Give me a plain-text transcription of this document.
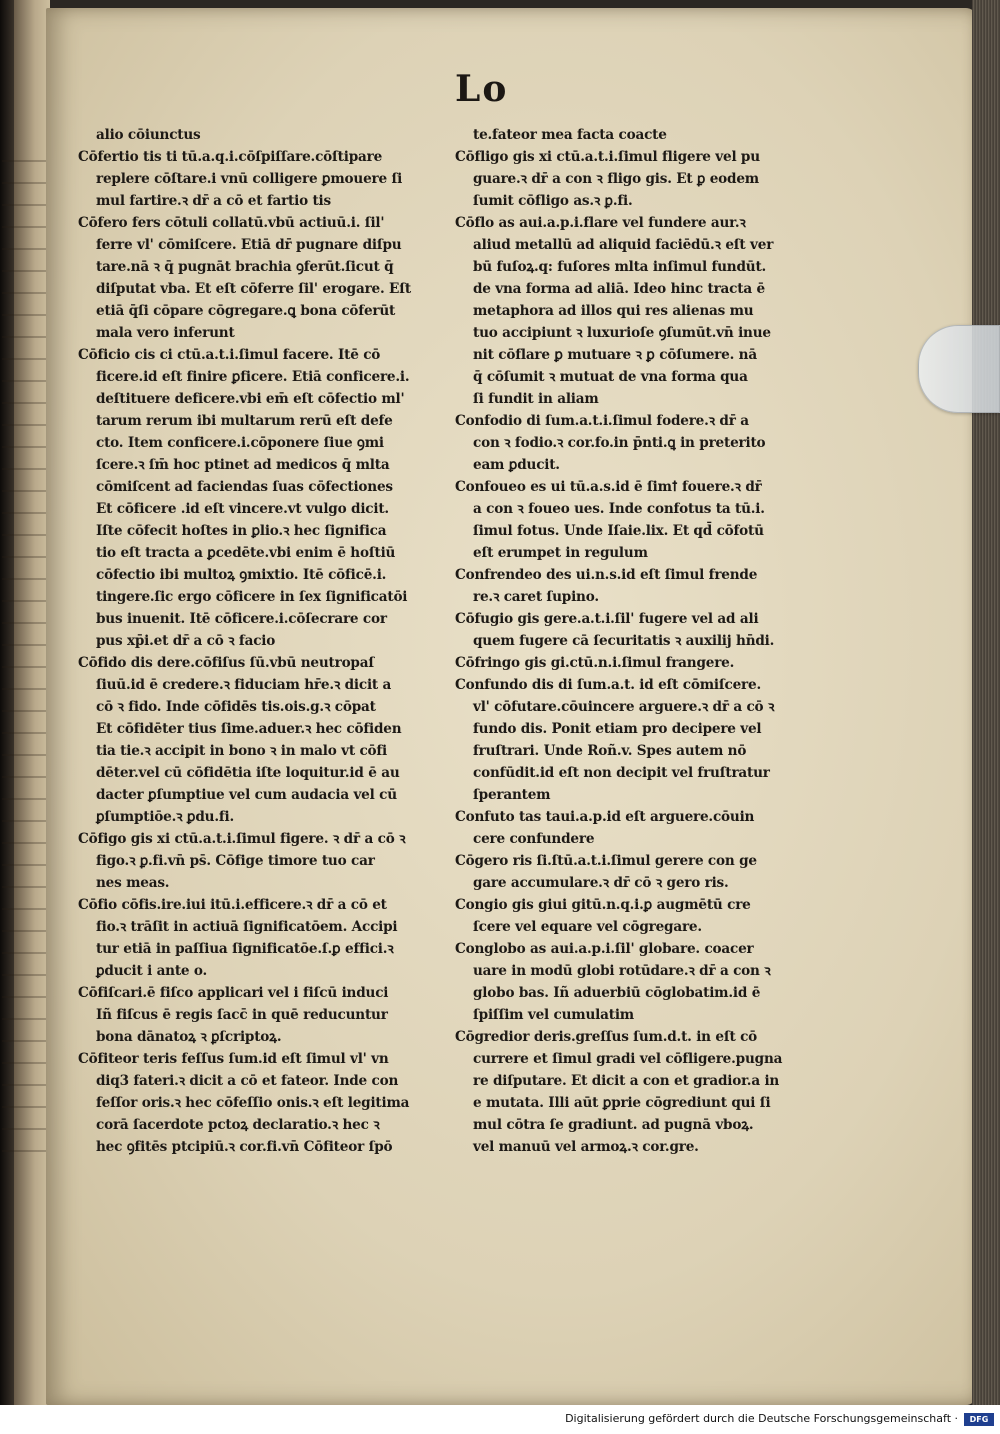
Lo
alio cōiunctus
Cōfertio tis ti tū.a.q.i.cōſpiſſare.cōſtipare
replere cōſtare.i vnū colligere ꝑmouere ſi
mul fartire.ꝛ dr̄ a cō et fartio tis
Cōfero fers cōtuli collatū.vbū actiuū.i. ſil'
ferre vl' cōmiſcere. Etiā dr̄ pugnare diſpu
tare.nā ꝛ q̄ pugnāt brachia ꝯferūt.ſicut q̄
diſputat vba. Et eſt cōferre ſil' erogare. Eſt
etiā q̄ſi cōpare cōgregare.ꝗ bona cōferūt
mala vero inferunt
Cōficio cis ci ctū.a.t.i.ſimul facere. Itē cō
ficere.id eſt finire ꝑficere. Etiā conficere.i.
deſtituere deficere.vbi em̄ eſt cōfectio ml'
tarum rerum ibi multarum rerū eſt defe
cto. Item conficere.i.cōponere ſiue ꝯmi
ſcere.ꝛ ſm̄ hoc ptinet ad medicos q̄ mlta
cōmiſcent ad faciendas ſuas cōfectiones
Et cōficere .id eſt vincere.vt vulgo dicit.
Iſte cōfecit hoſtes in ꝑlio.ꝛ hec ſignifica
tio eſt tracta a ꝑcedēte.vbi enim ē hoſtiū
cōfectio ibi multoꝝ ꝯmixtio. Itē cōficē.i.
tingere.ſic ergo cōficere in ſex ſignificatōi
bus inuenit. Itē cōficere.i.cōſecrare cor
pus xp̄i.et dr̄ a cō ꝛ facio
Cōfido dis dere.cōfiſus ſū.vbū neutropaſ
ſiuū.id ē credere.ꝛ fiduciam hr̄e.ꝛ dicit a
cō ꝛ fido. Inde cōfidēs tis.ois.g.ꝛ cōpat
Et cōfidēter tius ſime.aduer.ꝛ hec cōfiden
tia tie.ꝛ accipit in bono ꝛ in malo vt cōfi
dēter.vel cū cōfidētia iſte loquitur.id ē au
dacter ꝑſumptiue vel cum audacia vel cū
ꝑſumptiōe.ꝛ ꝑdu.fi.
Cōfigo gis xi ctū.a.t.i.ſimul figere. ꝛ dr̄ a cō ꝛ
figo.ꝛ ꝑ.fi.vn̄ ps̄. Cōfige timore tuo car
nes meas.
Cōfio cōfis.ire.iui itū.i.efficere.ꝛ dr̄ a cō et
fio.ꝛ trāſit in actiuā ſignificatōem. Accipi
tur etiā in paſſiua ſignificatōe.ſ.ꝑ effici.ꝛ
ꝑducit i ante o.
Cōfiſcari.ē fiſco applicari vel i fiſcū induci
Iñ fiſcus ē regis ſacc̄ in quē reducuntur
bona dānatoꝝ ꝛ ꝑſcriptoꝝ.
Cōfiteor teris feſſus ſum.id eſt ſimul vl' vn
diq3 fateri.ꝛ dicit a cō et fateor. Inde con
feſſor oris.ꝛ hec cōfeſſio onis.ꝛ eſt legitima
corā ſacerdote pctoꝝ declaratio.ꝛ hec ꝛ
hec ꝯfitēs ptcipiū.ꝛ cor.fi.vn̄ Cōfiteor ſpō
te.fateor mea facta coacte
Cōfligo gis xi ctū.a.t.i.ſimul fligere vel pu
guare.ꝛ dr̄ a con ꝛ fligo gis. Et ꝑ eodem
ſumit cōfligo as.ꝛ ꝑ.fi.
Cōflo as aui.a.p.i.flare vel fundere aur.ꝛ
aliud metallū ad aliquid faciēdū.ꝛ eſt ver
bū fuſoꝝ.q: fuſores mlta inſimul fundūt.
de vna forma ad aliā. Ideo hinc tracta ē
metaphora ad illos qui res alienas mu
tuo accipiunt ꝛ luxurioſe ꝯſumūt.vn̄ inue
nit cōflare ꝑ mutuare ꝛ ꝑ cōſumere. nā
q̄ cōſumit ꝛ mutuat de vna forma qua
ſi fundit in aliam
Confodio di ſum.a.t.i.ſimul fodere.ꝛ dr̄ a
con ꝛ fodio.ꝛ cor.fo.in p̄nti.ꝗ in preterito
eam ꝑducit.
Confoueo es ui tū.a.s.id ē ſimꝉ fouere.ꝛ dr̄
a con ꝛ foueo ues. Inde confotus ta tū.i.
ſimul fotus. Unde Iſaie.lix. Et qd̄ cōfotū
eſt erumpet in regulum
Confrendeo des ui.n.s.id eſt ſimul frende
re.ꝛ caret ſupino.
Cōfugio gis gere.a.t.i.ſil' fugere vel ad ali
quem fugere cā ſecuritatis ꝛ auxilij hn̄di.
Cōfringo gis gi.ctū.n.i.ſimul frangere.
Confundo dis di ſum.a.t. id eſt cōmiſcere.
vl' cōfutare.cōuincere arguere.ꝛ dr̄ a cō ꝛ
fundo dis. Ponit etiam pro decipere vel
fruſtrari. Unde Roñ.v. Spes autem nō
confūdit.id eſt non decipit vel fruſtratur
ſperantem
Confuto tas taui.a.p.id eſt arguere.cōuin
cere confundere
Cōgero ris ſi.ſtū.a.t.i.ſimul gerere con ge
gare accumulare.ꝛ dr̄ cō ꝛ gero ris.
Congio gis giui gitū.n.q.i.ꝑ augmētū cre
ſcere vel equare vel cōgregare.
Conglobo as aui.a.p.i.ſil' globare. coacer
uare in modū globi rotūdare.ꝛ dr̄ a con ꝛ
globo bas. Iñ aduerbiū cōglobatim.id ē
ſpiſſim vel cumulatim
Cōgredior deris.greſſus ſum.d.t. in eſt cō
currere et ſimul gradi vel cōfligere.pugna
re diſputare. Et dicit a con et gradior.a in
e mutata. Illi aūt ꝑprie cōgrediunt qui ſi
mul cōtra ſe gradiunt. ad pugnā vboꝝ.
vel manuū vel armoꝝ.ꝛ cor.gre.
Digitalisierung gefördert durch die Deutsche Forschungsgemeinschaft ·	DFG
